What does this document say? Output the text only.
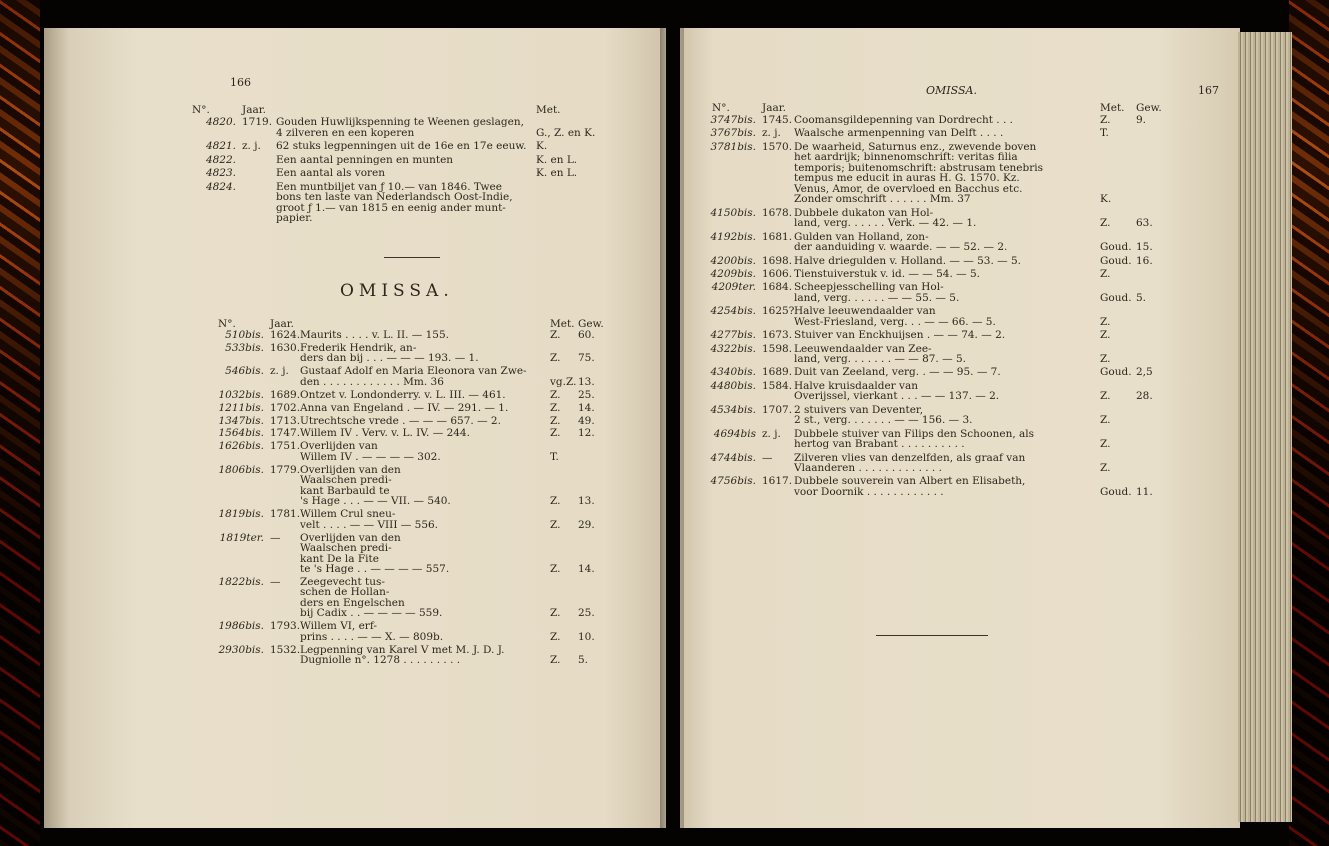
166
N°.	Jaar.	Met.
4820. 1719. Gouden Huwlijkspenning te Weenen geslagen,
4 zilveren en een koperen	G., Z. en K.
4821. z. j. 62 stuks legpenningen uit de 16e en 17e eeuw. K.
4822.	Een aantal penningen en munten	K. en L.
4823.	Een aantal als voren	K. en L.
4824.	Een muntbiljet van ƒ 10.— van 1846. Twee
bons ten laste van Nederlandsch Oost-Indie,
groot ƒ 1.— van 1815 en eenig ander munt-
papier.
OMISSA.
N°.	Jaar.	Met. Gew.
510bis. 1624. Maurits . . . . v. L. II. — 155.	Z. 60.
533bis. 1630. Frederik Hendrik, an-
ders dan bij . . . — — — 193. — 1.	Z. 75.
546bis. z. j. Gustaaf Adolf en Maria Eleonora van Zwe-
den . . . . . . . . . . . . Mm. 36	vg.Z. 13.
1032bis. 1689. Ontzet v. Londonderry. v. L. III. — 461.	Z. 25.
1211bis. 1702. Anna van Engeland . — IV. — 291. — 1.	Z. 14.
1347bis. 1713. Utrechtsche vrede . — — — 657. — 2.	Z. 49.
1564bis. 1747. Willem IV . Verv. v. L. IV. — 244.	Z. 12.
1626bis. 1751. Overlijden van
Willem IV . — — — — 302.	T.
1806bis. 1779. Overlijden van den
Waalschen predi-
kant Barbauld te
's Hage . . . — — VII. — 540.	Z. 13.
1819bis. 1781. Willem Crul sneu-
velt . . . . — — VIII — 556.	Z. 29.
1819ter. — Overlijden van den
Waalschen predi-
kant De la Fite
te 's Hage . . — — — — 557.	Z. 14.
1822bis. — Zeegevecht tus-
schen de Hollan-
ders en Engelschen
bij Cadix . . — — — — 559.	Z. 25.
1986bis. 1793. Willem VI, erf-
prins . . . . — — X. — 809b.	Z. 10.
2930bis. 1532. Legpenning van Karel V met M. J. D. J.
Dugniolle n°. 1278 . . . . . . . . .	Z. 5.
OMISSA.	167
N°.	Jaar.	Met. Gew.
3747bis. 1745. Coomansgildepenning van Dordrecht . . .	Z. 9.
3767bis. z. j. Waalsche armenpenning van Delft . . . .	T.
3781bis. 1570. De waarheid, Saturnus enz., zwevende boven
het aardrijk; binnenomschrift: veritas filia
temporis; buitenomschrift: abstrusam tenebris
tempus me educit in auras H. G. 1570. Kz.
Venus, Amor, de overvloed en Bacchus etc.
Zonder omschrift . . . . . . Mm. 37	K.
4150bis. 1678. Dubbele dukaton van Hol-
land, verg. . . . . . Verk. — 42. — 1.	Z. 63.
4192bis. 1681. Gulden van Holland, zon-
der aanduiding v. waarde. — — 52. — 2.	Goud. 15.
4200bis. 1698. Halve driegulden v. Holland. — — 53. — 5.	Goud. 16.
4209bis. 1606. Tienstuiverstuk v. id. — — 54. — 5.	Z.
4209ter. 1684. Scheepjesschelling van Hol-
land, verg. . . . . . — — 55. — 5.	Goud. 5.
4254bis. 1625? Halve leeuwendaalder van
West-Friesland, verg. . . — — 66. — 5.	Z.
4277bis. 1673. Stuiver van Enckhuijsen . — — 74. — 2.	Z.
4322bis. 1598. Leeuwendaalder van Zee-
land, verg. . . . . . . — — 87. — 5.	Z.
4340bis. 1689. Duit van Zeeland, verg. . — — 95. — 7.	Goud. 2,5
4480bis. 1584. Halve kruisdaalder van
Overijssel, vierkant . . . — — 137. — 2.	Z. 28.
4534bis. 1707. 2 stuivers van Deventer,
2 st., verg. . . . . . . — — 156. — 3.	Z.
4694bis z. j. Dubbele stuiver van Filips den Schoonen, als
hertog van Brabant . . . . . . . . . .	Z.
4744bis. — Zilveren vlies van denzelfden, als graaf van
Vlaanderen . . . . . . . . . . . . .	Z.
4756bis. 1617. Dubbele souverein van Albert en Elisabeth,
voor Doornik . . . . . . . . . . . .	Goud. 11.
